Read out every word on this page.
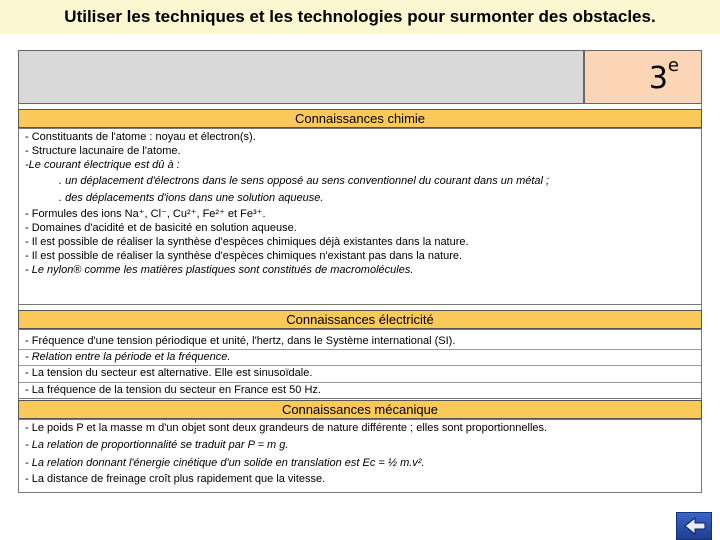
Utiliser les techniques et les technologies pour surmonter des obstacles.
3e
Connaissances chimie
- Constituants de l'atome : noyau et électron(s).
- Structure lacunaire de l'atome.
-Le courant électrique est dû à :
. un déplacement d'électrons dans le sens opposé au sens conventionnel du courant dans un métal ;
. des déplacements d'ions dans une solution aqueuse.
- Formules des ions Na⁺, Cl⁻, Cu²⁺, Fe²⁺ et Fe³⁺.
- Domaines d'acidité et de basicité en solution aqueuse.
- Il est possible de réaliser la synthèse d'espèces chimiques déjà existantes dans la nature.
- Il est possible de réaliser la synthèse d'espèces chimiques n'existant pas dans la nature.
- Le nylon® comme les matières plastiques sont constitués de macromolécules.
Connaissances électricité
- Fréquence d'une tension périodique et unité, l'hertz, dans le Système international (SI).
- Relation entre la période et la fréquence.
- La tension du secteur est alternative. Elle est sinusoïdale.
- La fréquence de la tension du secteur en France est 50 Hz.
Connaissances mécanique
- Le poids P et la masse m d'un objet sont deux grandeurs de nature différente ; elles sont proportionnelles.
- La relation de proportionnalité se traduit par P = m g.
- La relation donnant l'énergie cinétique d'un solide en translation est Ec = ½ m.v².
- La distance de freinage croît plus rapidement que la vitesse.
